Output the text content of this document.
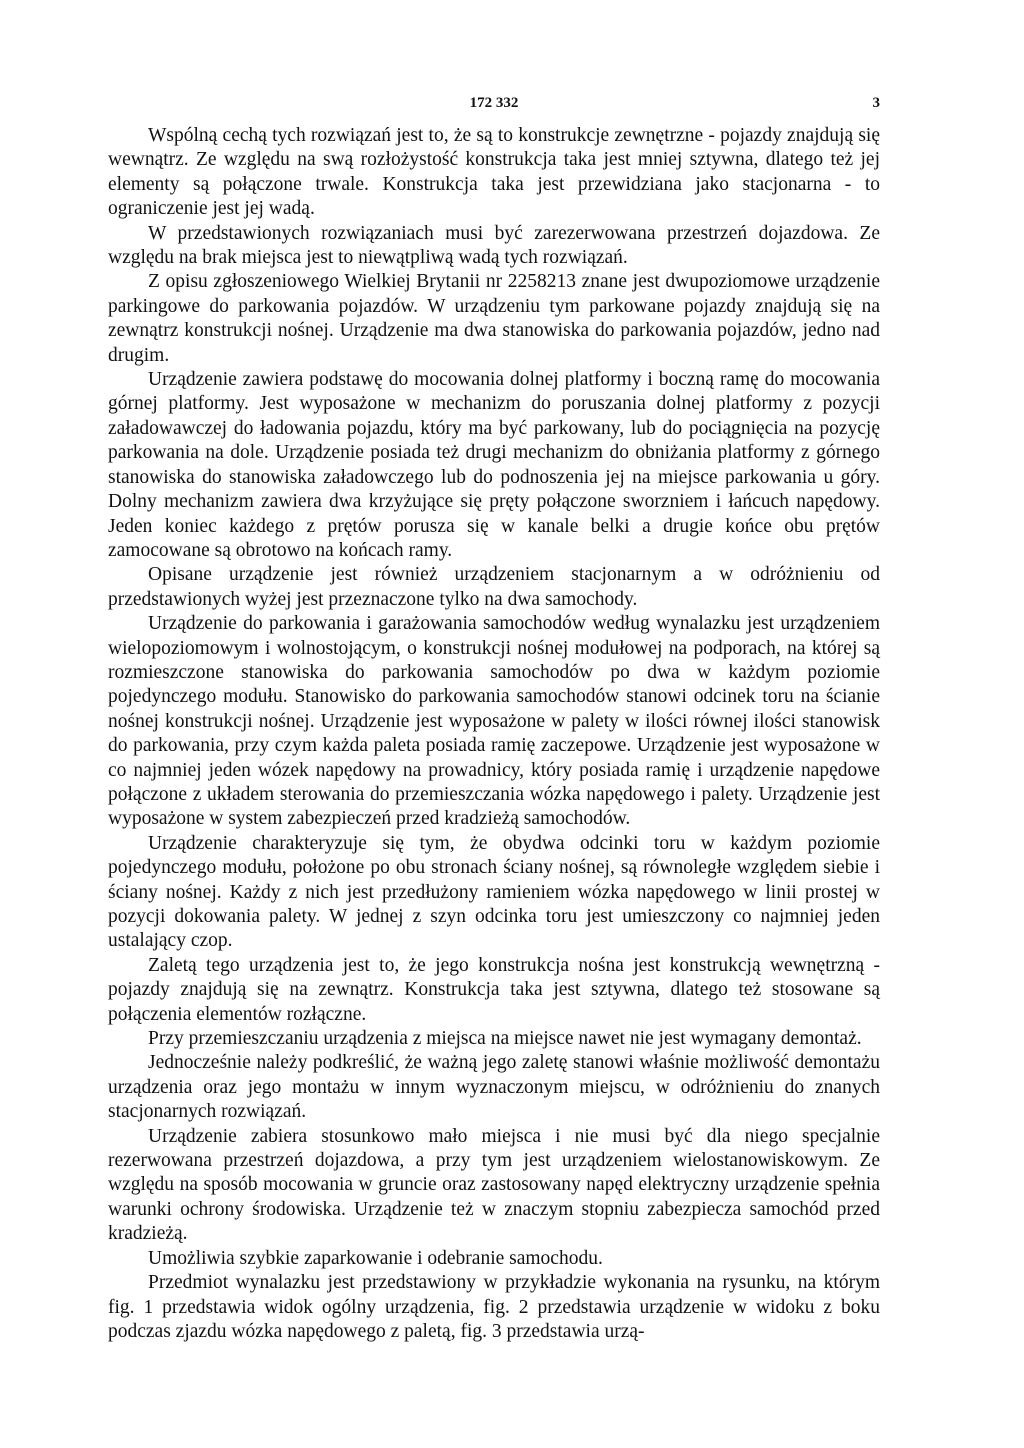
172 332	3

Wspólną cechą tych rozwiązań jest to, że są to konstrukcje zewnętrzne - pojazdy znajdują się wewnątrz. Ze względu na swą rozłożystość konstrukcja taka jest mniej sztywna, dlatego też jej elementy są połączone trwale. Konstrukcja taka jest przewidziana jako stacjonarna - to ograniczenie jest jej wadą.

W przedstawionych rozwiązaniach musi być zarezerwowana przestrzeń dojazdowa. Ze względu na brak miejsca jest to niewątpliwą wadą tych rozwiązań.

Z opisu zgłoszeniowego Wielkiej Brytanii nr 2258213 znane jest dwupoziomowe urządzenie parkingowe do parkowania pojazdów. W urządzeniu tym parkowane pojazdy znajdują się na zewnątrz konstrukcji nośnej. Urządzenie ma dwa stanowiska do parkowania pojazdów, jedno nad drugim.

Urządzenie zawiera podstawę do mocowania dolnej platformy i boczną ramę do mocowania górnej platformy. Jest wyposażone w mechanizm do poruszania dolnej platformy z pozycji załadowawczej do ładowania pojazdu, który ma być parkowany, lub do pociągnięcia na pozycję parkowania na dole. Urządzenie posiada też drugi mechanizm do obniżania platformy z górnego stanowiska do stanowiska załadowczego lub do podnoszenia jej na miejsce parkowania u góry. Dolny mechanizm zawiera dwa krzyżujące się pręty połączone sworzniem i łańcuch napędowy. Jeden koniec każdego z prętów porusza się w kanale belki a drugie końce obu prętów zamocowane są obrotowo na końcach ramy.

Opisane urządzenie jest również urządzeniem stacjonarnym a w odróżnieniu od przedstawionych wyżej jest przeznaczone tylko na dwa samochody.

Urządzenie do parkowania i garażowania samochodów według wynalazku jest urządzeniem wielopoziomowym i wolnostojącym, o konstrukcji nośnej modułowej na podporach, na której są rozmieszczone stanowiska do parkowania samochodów po dwa w każdym poziomie pojedynczego modułu. Stanowisko do parkowania samochodów stanowi odcinek toru na ścianie nośnej konstrukcji nośnej. Urządzenie jest wyposażone w palety w ilości równej ilości stanowisk do parkowania, przy czym każda paleta posiada ramię zaczepowe. Urządzenie jest wyposażone w co najmniej jeden wózek napędowy na prowadnicy, który posiada ramię i urządzenie napędowe połączone z układem sterowania do przemieszczania wózka napędowego i palety. Urządzenie jest wyposażone w system zabezpieczeń przed kradzieżą samochodów.

Urządzenie charakteryzuje się tym, że obydwa odcinki toru w każdym poziomie pojedynczego modułu, położone po obu stronach ściany nośnej, są równoległe względem siebie i ściany nośnej. Każdy z nich jest przedłużony ramieniem wózka napędowego w linii prostej w pozycji dokowania palety. W jednej z szyn odcinka toru jest umieszczony co najmniej jeden ustalający czop.

Zaletą tego urządzenia jest to, że jego konstrukcja nośna jest konstrukcją wewnętrzną - pojazdy znajdują się na zewnątrz. Konstrukcja taka jest sztywna, dlatego też stosowane są połączenia elementów rozłączne.

Przy przemieszczaniu urządzenia z miejsca na miejsce nawet nie jest wymagany demontaż.

Jednocześnie należy podkreślić, że ważną jego zaletę stanowi właśnie możliwość demontażu urządzenia oraz jego montażu w innym wyznaczonym miejscu, w odróżnieniu do znanych stacjonarnych rozwiązań.

Urządzenie zabiera stosunkowo mało miejsca i nie musi być dla niego specjalnie rezerwowana przestrzeń dojazdowa, a przy tym jest urządzeniem wielostanowiskowym. Ze względu na sposób mocowania w gruncie oraz zastosowany napęd elektryczny urządzenie spełnia warunki ochrony środowiska. Urządzenie też w znaczym stopniu zabezpiecza samochód przed kradzieżą.

Umożliwia szybkie zaparkowanie i odebranie samochodu.

Przedmiot wynalazku jest przedstawiony w przykładzie wykonania na rysunku, na którym fig. 1 przedstawia widok ogólny urządzenia, fig. 2 przedstawia urządzenie w widoku z boku podczas zjazdu wózka napędowego z paletą, fig. 3 przedstawia urzą-
